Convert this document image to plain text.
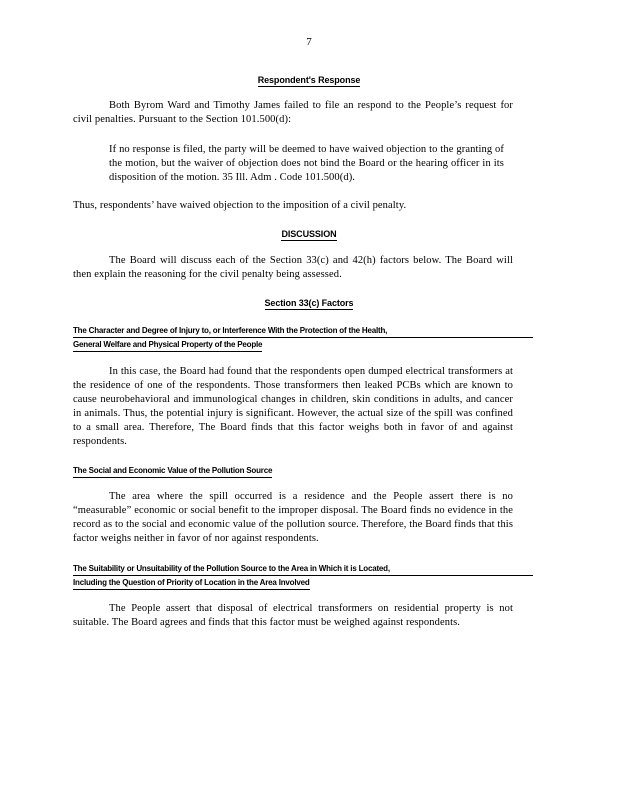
7
Respondent's Response
Both Byrom Ward and Timothy James failed to file an respond to the People’s request for civil penalties. Pursuant to the Section 101.500(d):
If no response is filed, the party will be deemed to have waived objection to the granting of the motion, but the waiver of objection does not bind the Board or the hearing officer in its disposition of the motion. 35 Ill. Adm . Code 101.500(d).
Thus, respondents’ have waived objection to the imposition of a civil penalty.
DISCUSSION
The Board will discuss each of the Section 33(c) and 42(h) factors below. The Board will then explain the reasoning for the civil penalty being assessed.
Section 33(c) Factors
The Character and Degree of Injury to, or Interference With the Protection of the Health,
General Welfare and Physical Property of the People
In this case, the Board had found that the respondents open dumped electrical transformers at the residence of one of the respondents. Those transformers then leaked PCBs which are known to cause neurobehavioral and immunological changes in children, skin conditions in adults, and cancer in animals. Thus, the potential injury is significant. However, the actual size of the spill was confined to a small area. Therefore, The Board finds that this factor weighs both in favor of and against respondents.
The Social and Economic Value of the Pollution Source
The area where the spill occurred is a residence and the People assert there is no “measurable” economic or social benefit to the improper disposal. The Board finds no evidence in the record as to the social and economic value of the pollution source. Therefore, the Board finds that this factor weighs neither in favor of nor against respondents.
The Suitability or Unsuitability of the Pollution Source to the Area in Which it is Located,
Including the Question of Priority of Location in the Area Involved
The People assert that disposal of electrical transformers on residential property is not suitable. The Board agrees and finds that this factor must be weighed against respondents.
